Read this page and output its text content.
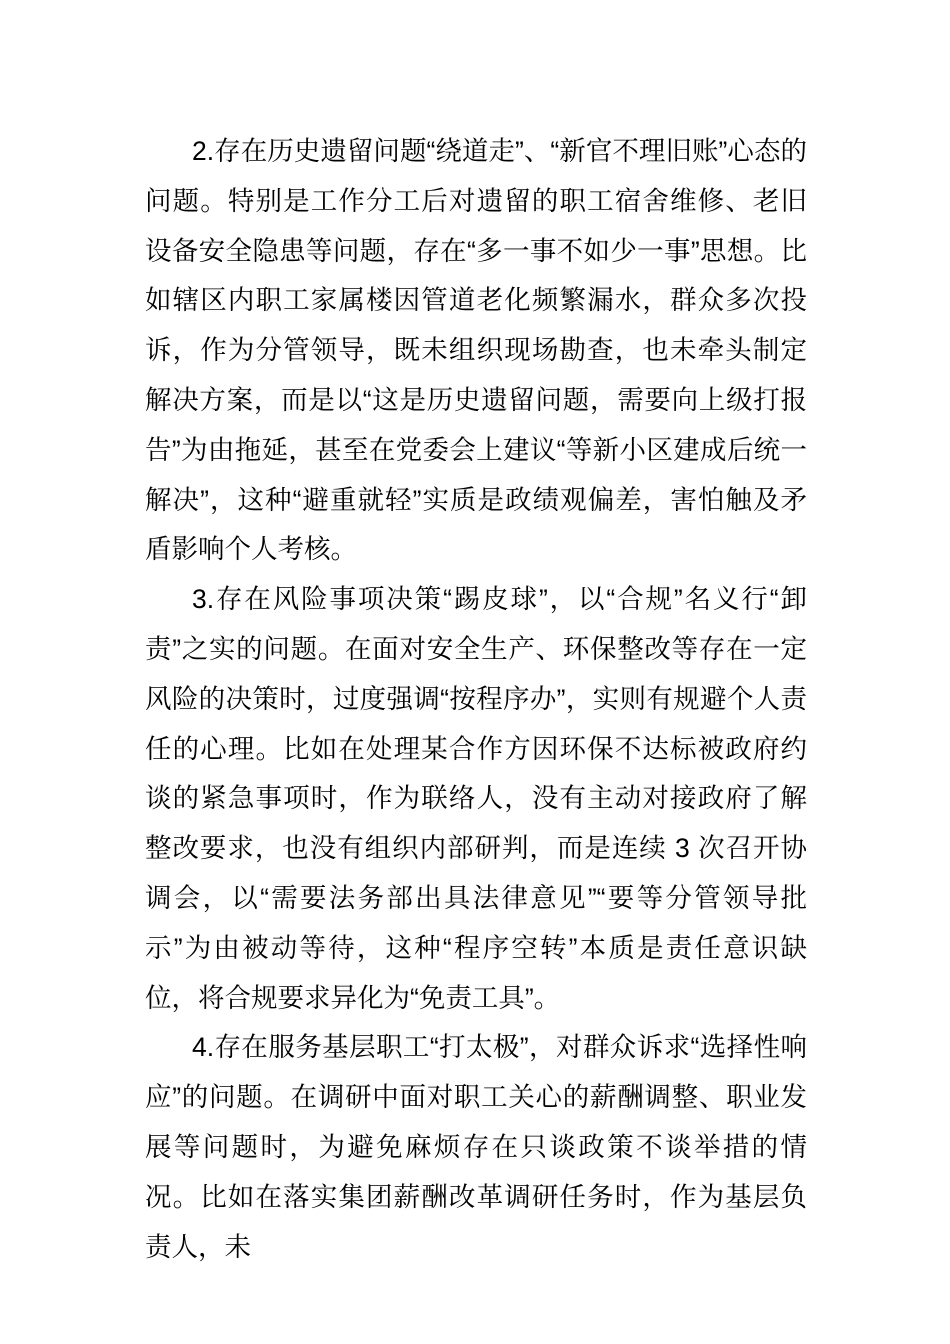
2.存在历史遗留问题“绕道走”、“新官不理旧账”心态的问题。特别是工作分工后对遗留的职工宿舍维修、老旧设备安全隐患等问题，存在“多一事不如少一事”思想。比如辖区内职工家属楼因管道老化频繁漏水，群众多次投诉，作为分管领导，既未组织现场勘查，也未牵头制定解决方案，而是以“这是历史遗留问题，需要向上级打报告”为由拖延，甚至在党委会上建议“等新小区建成后统一解决”，这种“避重就轻”实质是政绩观偏差，害怕触及矛盾影响个人考核。

3.存在风险事项决策“踢皮球”，以“合规”名义行“卸责”之实的问题。在面对安全生产、环保整改等存在一定风险的决策时，过度强调“按程序办”，实则有规避个人责任的心理。比如在处理某合作方因环保不达标被政府约谈的紧急事项时，作为联络人，没有主动对接政府了解整改要求，也没有组织内部研判，而是连续 3 次召开协调会，以“需要法务部出具法律意见”“要等分管领导批示”为由被动等待，这种“程序空转”本质是责任意识缺位，将合规要求异化为“免责工具”。

4.存在服务基层职工“打太极”，对群众诉求“选择性响应”的问题。在调研中面对职工关心的薪酬调整、职业发展等问题时，为避免麻烦存在只谈政策不谈举措的情况。比如在落实集团薪酬改革调研任务时，作为基层负责人，未
